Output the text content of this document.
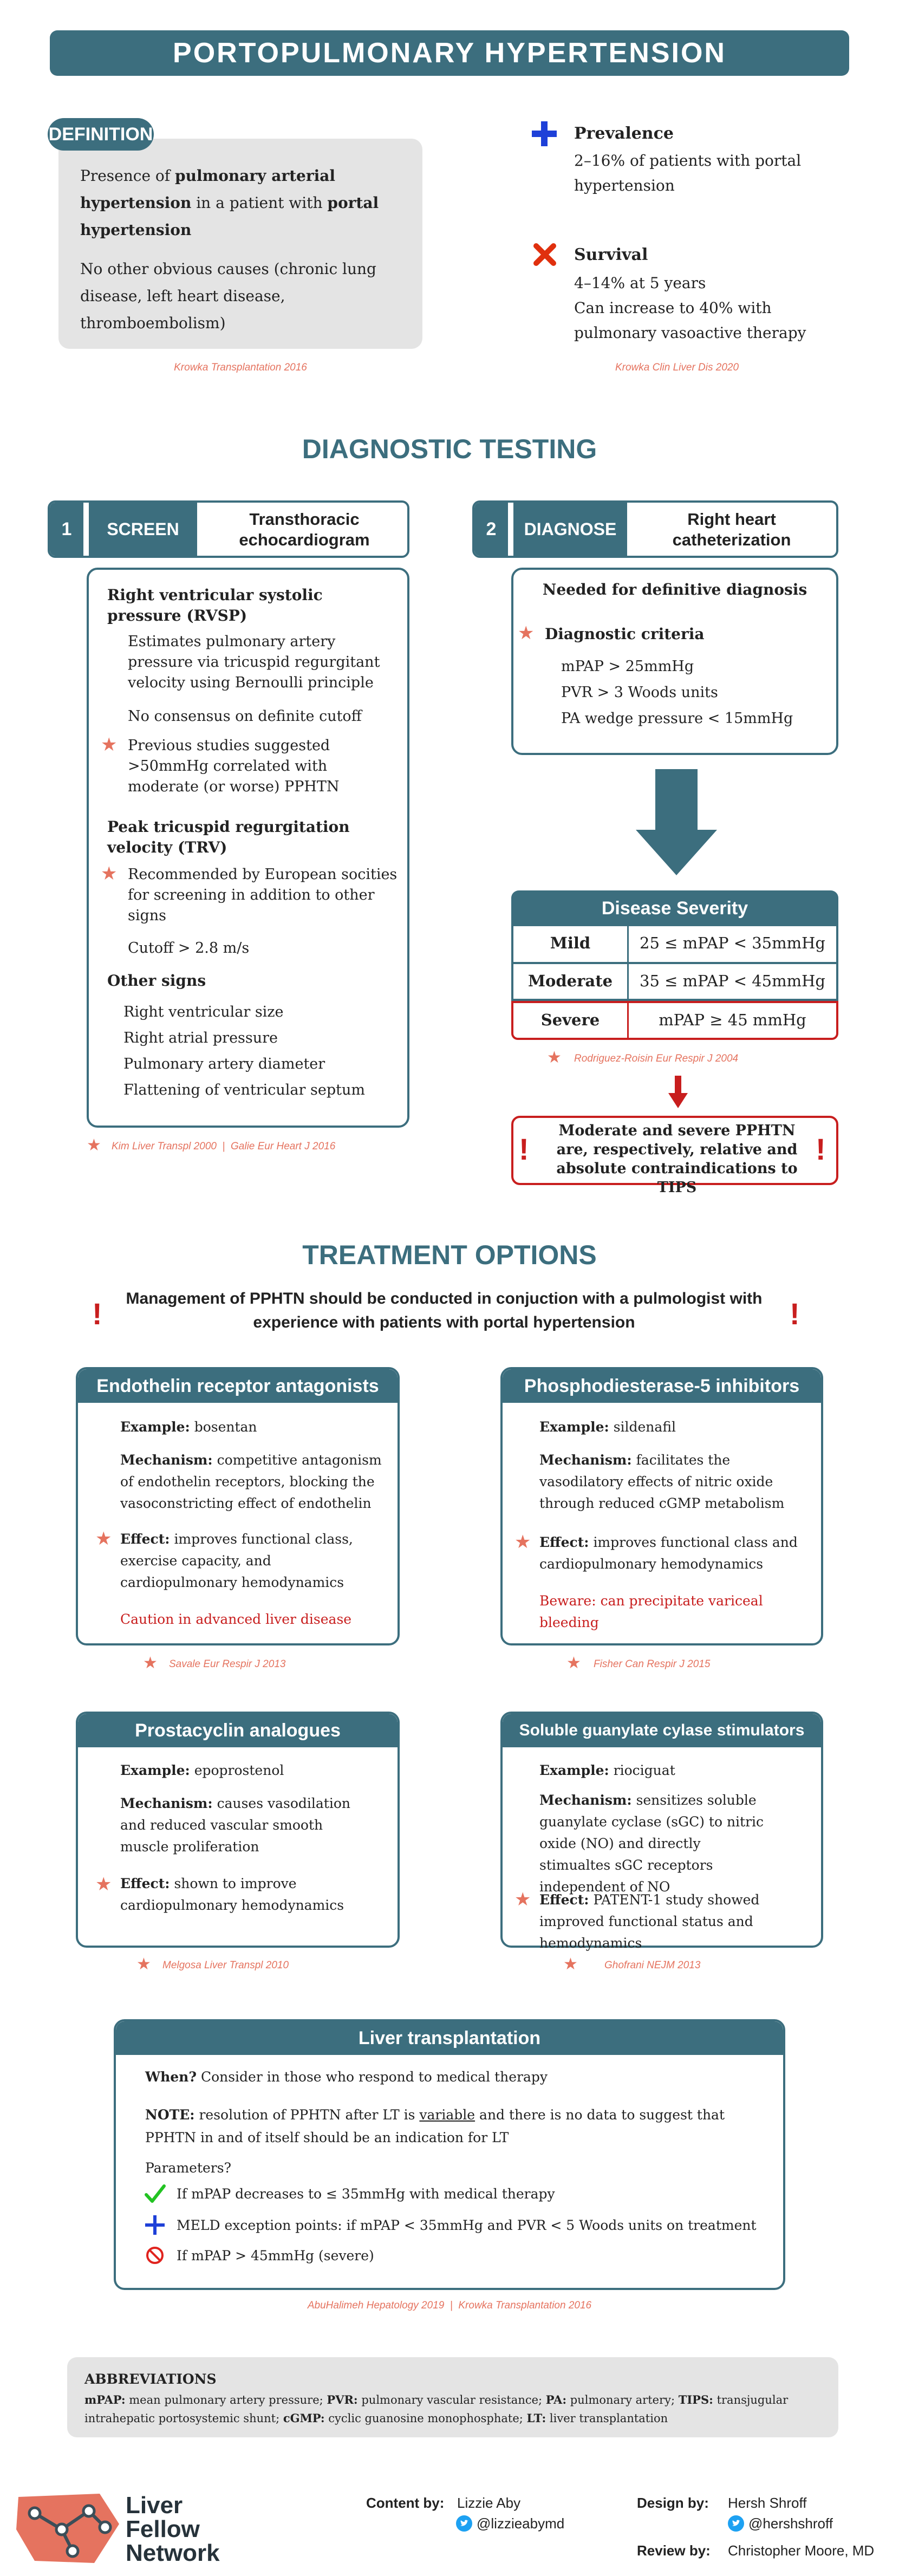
PORTOPULMONARY HYPERTENSION
DEFINITION
Presence of pulmonary arterial hypertension in a patient with portal hypertension
No other obvious causes (chronic lung disease, left heart disease, thromboembolism)
Krowka Transplantation 2016
Prevalence
2–16% of patients with portal hypertension
Survival
4–14% at 5 years
Can increase to 40% with pulmonary vasoactive therapy
Krowka Clin Liver Dis 2020
DIAGNOSTIC TESTING
1	SCREEN
Transthoracic echocardiogram
2	DIAGNOSE
Right heart catheterization
Right ventricular systolic pressure (RVSP)
Estimates pulmonary artery pressure via tricuspid regurgitant velocity using Bernoulli principle
No consensus on definite cutoff
★ Previous studies suggested >50mmHg correlated with moderate (or worse) PPHTN
Peak tricuspid regurgitation velocity (TRV)
★ Recommended by European socities for screening in addition to other signs
Cutoff > 2.8 m/s
Other signs
Right ventricular size
Right atrial pressure
Pulmonary artery diameter
Flattening of ventricular septum
★ Kim Liver Transpl 2000  |  Galie Eur Heart J 2016
Needed for definitive diagnosis
★ Diagnostic criteria
mPAP > 25mmHg
PVR > 3 Woods units
PA wedge pressure < 15mmHg
Disease Severity
Mild	25 ≤ mPAP < 35mmHg
Moderate	35 ≤ mPAP < 45mmHg
Severe	mPAP ≥ 45 mmHg
★ Rodriguez-Roisin Eur Respir J 2004
!	!
Moderate and severe PPHTN are, respectively, relative and absolute contraindications to TIPS
TREATMENT OPTIONS
!	!
Management of PPHTN should be conducted in conjuction with a pulmologist with experience with patients with portal hypertension
Endothelin receptor antagonists
Example: bosentan
Mechanism: competitive antagonism of endothelin receptors, blocking the vasoconstricting effect of endothelin
★ Effect: improves functional class, exercise capacity, and cardiopulmonary hemodynamics
Caution in advanced liver disease
★ Savale Eur Respir J 2013
Phosphodiesterase-5 inhibitors
Example: sildenafil
Mechanism: facilitates the vasodilatory effects of nitric oxide through reduced cGMP metabolism
★ Effect: improves functional class and cardiopulmonary hemodynamics
Beware: can precipitate variceal bleeding
★ Fisher Can Respir J 2015
Prostacyclin analogues
Example: epoprostenol
Mechanism: causes vasodilation and reduced vascular smooth muscle proliferation
★ Effect: shown to improve cardiopulmonary hemodynamics
★ Melgosa Liver Transpl 2010
Soluble guanylate cylase stimulators
Example: riociguat
Mechanism: sensitizes soluble guanylate cyclase (sGC) to nitric oxide (NO) and directly stimualtes sGC receptors independent of NO
★ Effect: PATENT-1 study showed improved functional status and hemodynamics
★	Ghofrani NEJM 2013
Liver transplantation
When? Consider in those who respond to medical therapy
NOTE: resolution of PPHTN after LT is variable and there is no data to suggest that PPHTN in and of itself should be an indication for LT
Parameters?
If mPAP decreases to ≤ 35mmHg with medical therapy
MELD exception points: if mPAP < 35mmHg and PVR < 5 Woods units on treatment
If mPAP > 45mmHg (severe)
AbuHalimeh Hepatology 2019  |  Krowka Transplantation 2016
ABBREVIATIONS
mPAP: mean pulmonary artery pressure; PVR: pulmonary vascular resistance; PA: pulmonary artery; TIPS: transjugular intrahepatic portosystemic shunt; cGMP: cyclic guanosine monophosphate; LT: liver transplantation
Liver
Fellow
Network
Content by: Lizzie Aby
@lizzieabymd
Design by: Hersh Shroff
@hershshroff
Review by: Christopher Moore, MD
